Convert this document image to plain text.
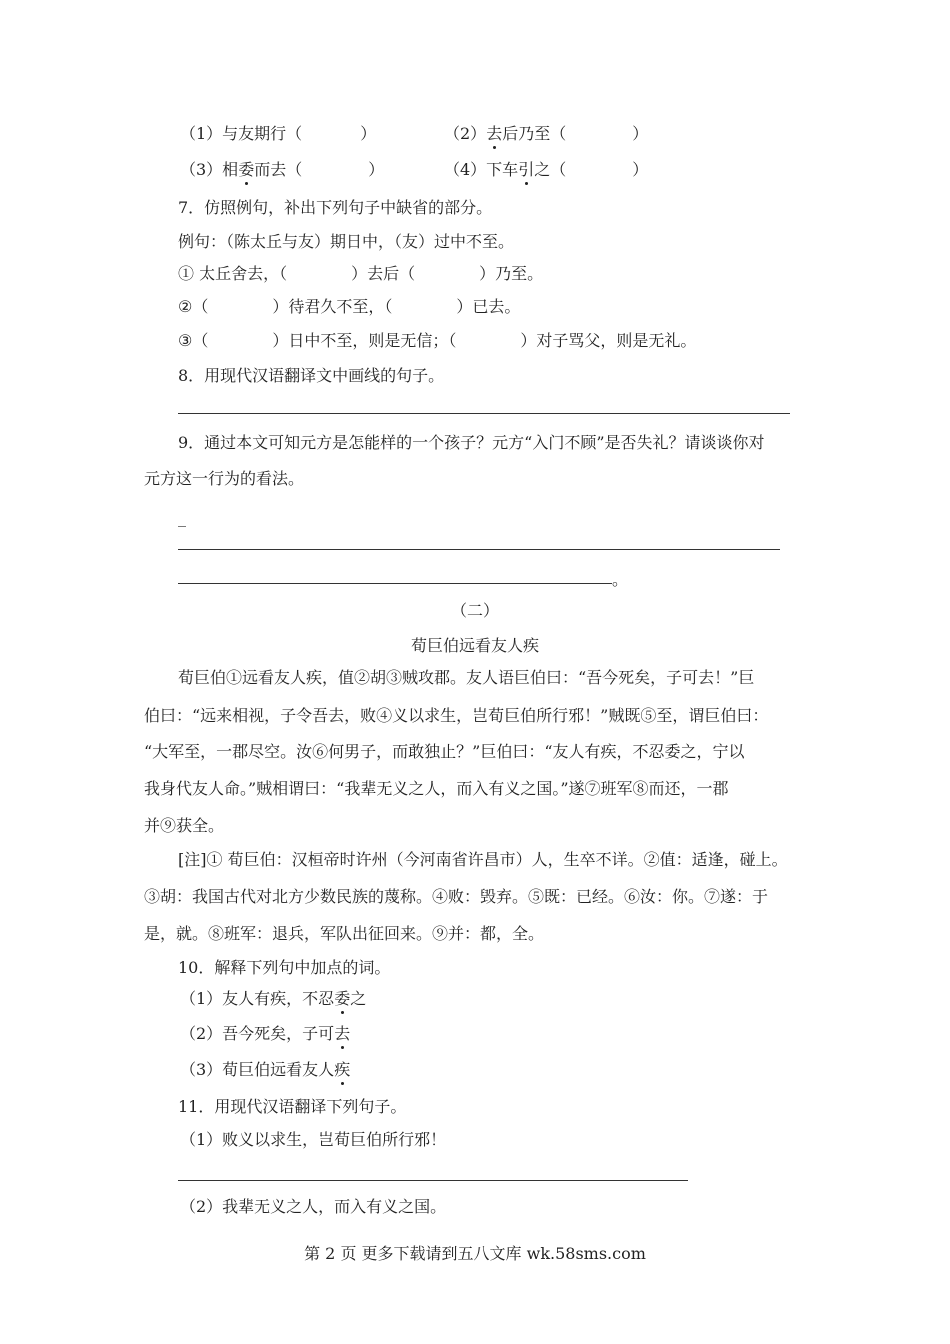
（1）与友期行（	）	（2）去后乃至（	）
（3）相委而去（	）	（4）下车引之（	）
7．仿照例句，补出下列句子中缺省的部分。
例句：（陈太丘与友）期日中，（友）过中不至。
① 太丘舍去，（	）去后（	）乃至。
②（	）待君久不至，（	）已去。
③（	）日中不至，则是无信；（	）对子骂父，则是无礼。
8．用现代汉语翻译文中画线的句子。
9．通过本文可知元方是怎能样的一个孩子？元方“入门不顾”是否失礼？请谈谈你对
元方这一行为的看法。
_
。
（二）
荀巨伯远看友人疾
荀巨伯①远看友人疾，值②胡③贼攻郡。友人语巨伯曰：“吾今死矣，子可去！”巨
伯曰：“远来相视，子令吾去，败④义以求生，岂荀巨伯所行邪！”贼既⑤至，谓巨伯曰：
“大军至，一郡尽空。汝⑥何男子，而敢独止？”巨伯曰：“友人有疾，不忍委之，宁以
我身代友人命。”贼相谓曰：“我辈无义之人，而入有义之国。”遂⑦班军⑧而还，一郡
并⑨获全。
[注]① 荀巨伯：汉桓帝时许州（今河南省许昌市）人，生卒不详。②值：适逢，碰上。
③胡：我国古代对北方少数民族的蔑称。④败：毁弃。⑤既：已经。⑥汝：你。⑦遂：于
是，就。⑧班军：退兵，军队出征回来。⑨并：都，全。
10．解释下列句中加点的词。
（1）友人有疾，不忍委之
（2）吾今死矣，子可去
（3）荀巨伯远看友人疾
11．用现代汉语翻译下列句子。
（1）败义以求生，岂荀巨伯所行邪！
（2）我辈无义之人，而入有义之国。
第 2 页 更多下载请到五八文库 wk.58sms.com
